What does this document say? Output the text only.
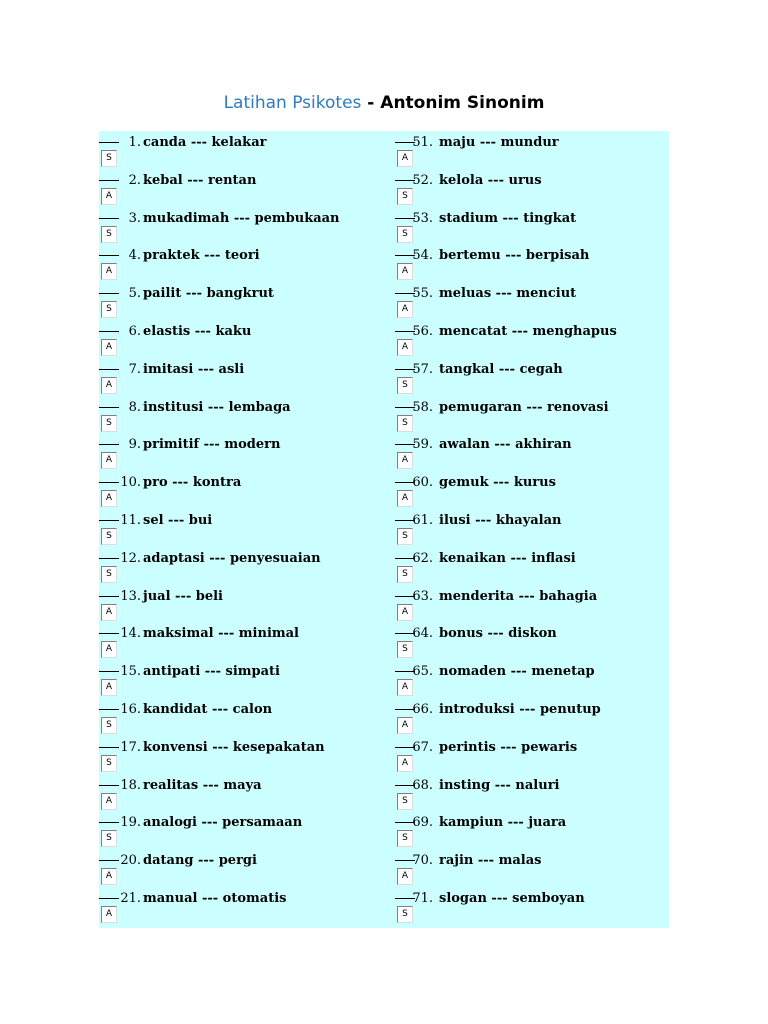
Latihan Psikotes - Antonim Sinonim
S
1. canda --- kelakar
A
2. kebal --- rentan
S
3. mukadimah --- pembukaan
A
4. praktek --- teori
S
5. pailit --- bangkrut
A
6. elastis --- kaku
A
7. imitasi --- asli
S
8. institusi --- lembaga
A
9. primitif --- modern
A
10. pro --- kontra
S
11. sel --- bui
S
12. adaptasi --- penyesuaian
A
13. jual --- beli
A
14. maksimal --- minimal
A
15. antipati --- simpati
S
16. kandidat --- calon
S
17. konvensi --- kesepakatan
A
18. realitas --- maya
S
19. analogi --- persamaan
A
20. datang --- pergi
A
21. manual --- otomatis
A
51. maju --- mundur
S
52. kelola --- urus
S
53. stadium --- tingkat
A
54. bertemu --- berpisah
A
55. meluas --- menciut
A
56. mencatat --- menghapus
S
57. tangkal --- cegah
S
58. pemugaran --- renovasi
A
59. awalan --- akhiran
A
60. gemuk --- kurus
S
61. ilusi --- khayalan
S
62. kenaikan --- inflasi
A
63. menderita --- bahagia
S
64. bonus --- diskon
A
65. nomaden --- menetap
A
66. introduksi --- penutup
A
67. perintis --- pewaris
S
68. insting --- naluri
S
69. kampiun --- juara
A
70. rajin --- malas
S
71. slogan --- semboyan
